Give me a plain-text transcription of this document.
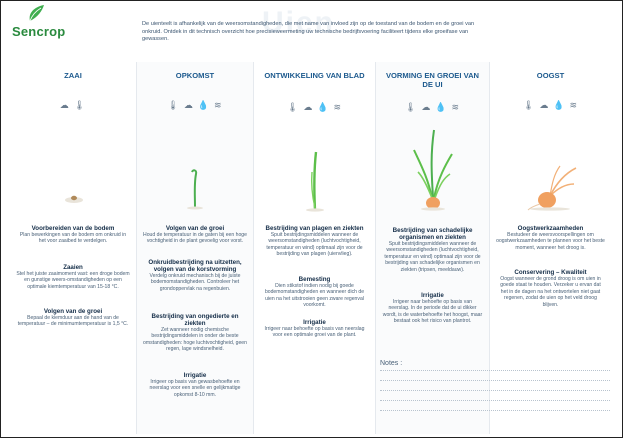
Sencrop	Uien
De uienteelt is afhankelijk van de weersomstandigheden, die met name van invloed zijn op de toestand van de bodem en de groei van onkruid. Ontdek in dit technisch overzicht hoe precisieweermeting uw technische bedrijfsvoering faciliteert tijdens elke groeifase van gewassen.
ZAAI
☁ 🌡
Voorbereiden van de bodem
Plan bewerkingen van de bodem om onkruid in het voor zaaibed te verdelgen.
Zaaien
Stel het juiste zaaimoment vast: een droge bodem en gunstige weers-omstandigheden op een optimale kiemtemperatuur van 15-18 °C.
Volgen van de groei
Bepaal de kiemduur aan de hand van de temperatuur – de minimumtemperatuur is 1,5 °C.
OPKOMST
🌡 ☁ 💧 ≋
Volgen van de groei
Houd de temperatuur in de gaten bij een hoge vochtigheid in de plant gevoelig voor vorst.
Onkruidbestrijding na uitzetten, volgen van de korstvorming
Verdelg onkruid mechanisch bij de juiste bodemomstandigheden. Controleer het grondoppervlak na regenbuien.
Bestrijding van ongedierte en ziekten
Zet wanneer nodig chemische bestrijdingsmiddelen in onder de beste omstandigheden: hoge luchtvochtigheid, geen regen, lage windsnelheid.
Irrigatie
Irrigeer op basis van gewasbehoefte en neerslag voor een snelle en gelijkmatige opkomst 8-10 mm.
ONTWIKKELING VAN BLAD
🌡 ☁ 💧 ≋
Bestrijding van plagen en ziekten
Spuit bestrijdingsmiddelen wanneer de weersomstandigheden (luchtvochtigheid, temperatuur en wind) optimaal zijn voor de bestrijding van plagen (uienvlieg).
Bemesting
Dien stikstof indien nodig bij goede bodemomstandigheden en wanneer dich de uien na het uitstrooien geen zware regenval voorkomt.
Irrigatie
Irrigeer naar behoefte op basis van neerslag voor een optimale groei van de plant.
VORMING EN GROEI VAN DE UI
🌡 ☁ 💧 ≋
Bestrijding van schadelijke organismen en ziekten
Spuit bestrijdingsmiddelen wanneer de weersomstandigheden (luchtvochtigheid, temperatuur en wind) optimaal zijn voor de bestrijding van schadelijke organismen en ziekten (tripsen, meeldauw).
Irrigatie
Irrigeer naar behoefte op basis van neerslag. In de periode dat de ui dikker wordt, is de waterbehoefte het hoogst, maar bestaat ook het risico van plantrot.
OOGST
🌡 ☁ 💧 ≋
Oogstwerkzaamheden
Bestudeer de weersvoorspellingen om oogstwerkzaamheden te plannen voor het beste moment, wanneer het droog is.
Conservering – Kwaliteit
Oogst wanneer de grond droog is om uien in goede staat te houden. Verzeker u ervan dat het in de dagen na het ontwortelen niet gaat regenen, zodat de uien op het veld droog blijven.
Notes :
